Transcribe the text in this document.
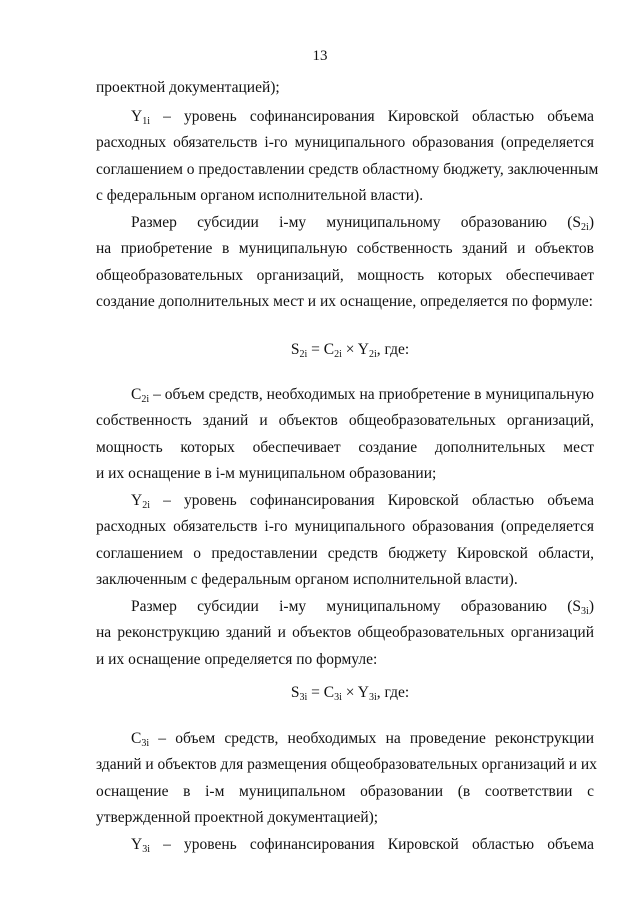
13
проектной документацией);
$Y_{1i}$ – уровень софинансирования Кировской областью объема
расходных обязательств i-го муниципального образования (определяется
соглашением о предоставлении средств областному бюджету, заключенным
с федеральным органом исполнительной власти).
Размер субсидии i-му муниципальному образованию $(S_{2i})$
на приобретение в муниципальную собственность зданий и объектов
общеобразовательных организаций, мощность которых обеспечивает
создание дополнительных мест и их оснащение, определяется по формуле:
$S_{2i} = C_{2i} \times Y_{2i}$, где:
$C_{2i}$ – объем средств, необходимых на приобретение в муниципальную
собственность зданий и объектов общеобразовательных организаций,
мощность которых обеспечивает создание дополнительных мест
и их оснащение в i-м муниципальном образовании;
$Y_{2i}$ – уровень софинансирования Кировской областью объема
расходных обязательств i-го муниципального образования (определяется
соглашением о предоставлении средств бюджету Кировской области,
заключенным с федеральным органом исполнительной власти).
Размер субсидии i-му муниципальному образованию $(S_{3i})$
на реконструкцию зданий и объектов общеобразовательных организаций
и их оснащение определяется по формуле:
$S_{3i} = C_{3i} \times Y_{3i}$, где:
$C_{3i}$ – объем средств, необходимых на проведение реконструкции
зданий и объектов для размещения общеобразовательных организаций и их
оснащение в i-м муниципальном образовании (в соответствии с
утвержденной проектной документацией);
$Y_{3i}$ – уровень софинансирования Кировской областью объема
